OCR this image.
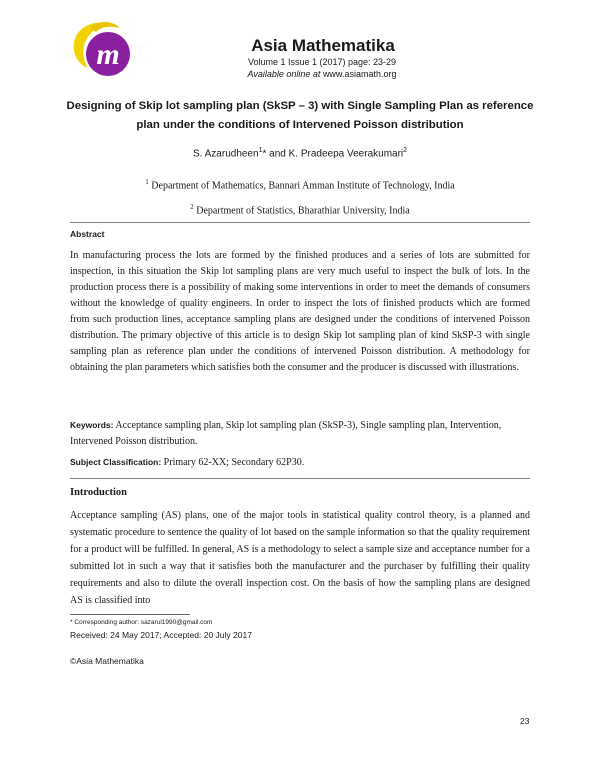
m	Asia Mathematika
Volume 1 Issue 1 (2017) page: 23-29
Available online at www.asiamath.org
Designing of Skip lot sampling plan (SkSP – 3) with Single Sampling Plan as reference plan under the conditions of Intervened Poisson distribution
S. Azarudheen$^1$* and K. Pradeepa Veerakumari$^2$
$^1$ Department of Mathematics, Bannari Amman Institute of Technology, India
$^2$ Department of Statistics, Bharathiar University, India
Abstract
In manufacturing process the lots are formed by the finished produces and a series of lots are submitted for inspection, in this situation the Skip lot sampling plans are very much useful to inspect the bulk of lots. In the production process there is a possibility of making some interventions in order to meet the demands of consumers without the knowledge of quality engineers. In order to inspect the lots of finished products which are formed from such production lines, acceptance sampling plans are designed under the conditions of intervened Poisson distribution. The primary objective of this article is to design Skip lot sampling plan of kind SkSP-3 with single sampling plan as reference plan under the conditions of intervened Poisson distribution. A methodology for obtaining the plan parameters which satisfies both the consumer and the producer is discussed with illustrations.
Keywords: Acceptance sampling plan, Skip lot sampling plan (SkSP-3), Single sampling plan, Intervention, Intervened Poisson distribution.
Subject Classification: Primary 62-XX; Secondary 62P30.
Introduction
Acceptance sampling (AS) plans, one of the major tools in statistical quality control theory, is a planned and systematic procedure to sentence the quality of lot based on the sample information so that the quality requirement for a product will be fulfilled. In general, AS is a methodology to select a sample size and acceptance number for a submitted lot in such a way that it satisfies both the manufacturer and the purchaser by fulfilling their quality requirements and also to dilute the overall inspection cost. On the basis of how the sampling plans are designed AS is classified into
* Corresponding author: sazarul1990@gmail.com
Received: 24 May 2017; Accepted: 20 July 2017
©Asia Mathematika
23
